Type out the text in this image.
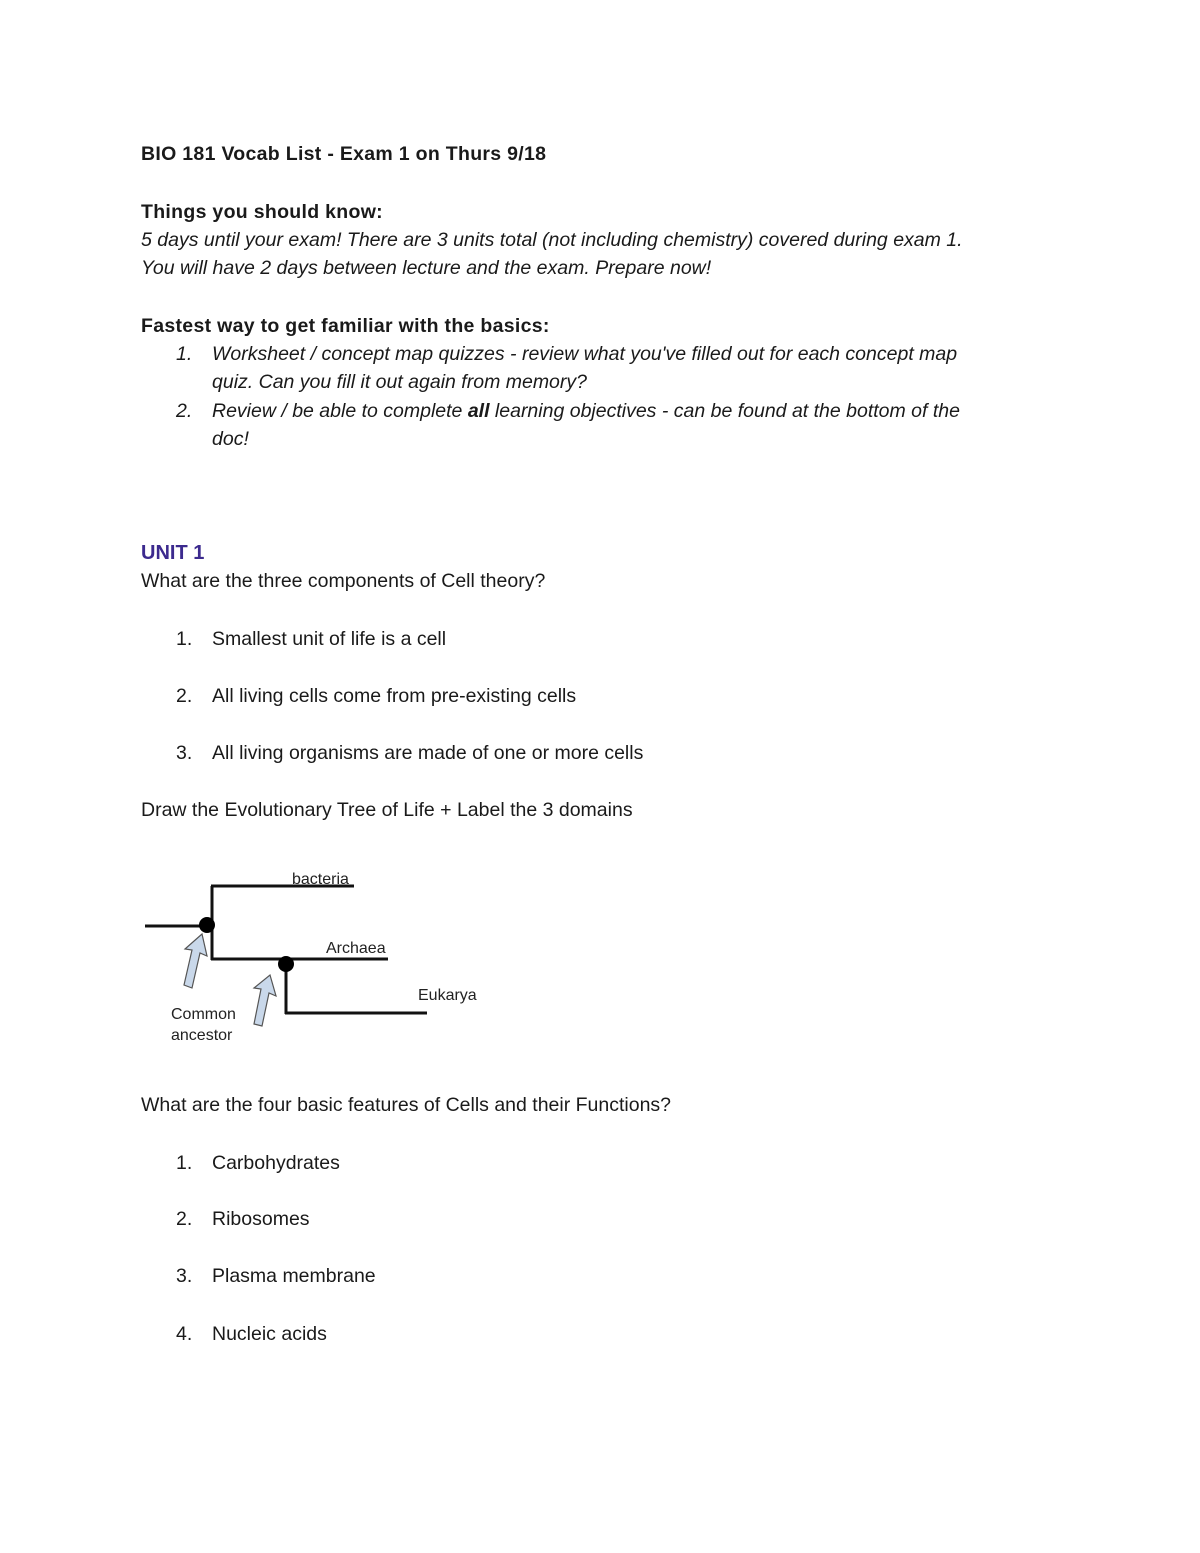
BIO 181 Vocab List - Exam 1 on Thurs 9/18
Things you should know:
5 days until your exam! There are 3 units total (not including chemistry) covered during exam 1.
You will have 2 days between lecture and the exam. Prepare now!
Fastest way to get familiar with the basics:
1. Worksheet / concept map quizzes - review what you've filled out for each concept map
quiz. Can you fill it out again from memory?
2. Review / be able to complete all learning objectives - can be found at the bottom of the
doc!
UNIT 1
What are the three components of Cell theory?
1. Smallest unit of life is a cell
2. All living cells come from pre-existing cells
3. All living organisms are made of one or more cells
Draw the Evolutionary Tree of Life + Label the 3 domains
bacteria
Archaea
Eukarya
Common
ancestor
What are the four basic features of Cells and their Functions?
1. Carbohydrates
2. Ribosomes
3. Plasma membrane
4. Nucleic acids
